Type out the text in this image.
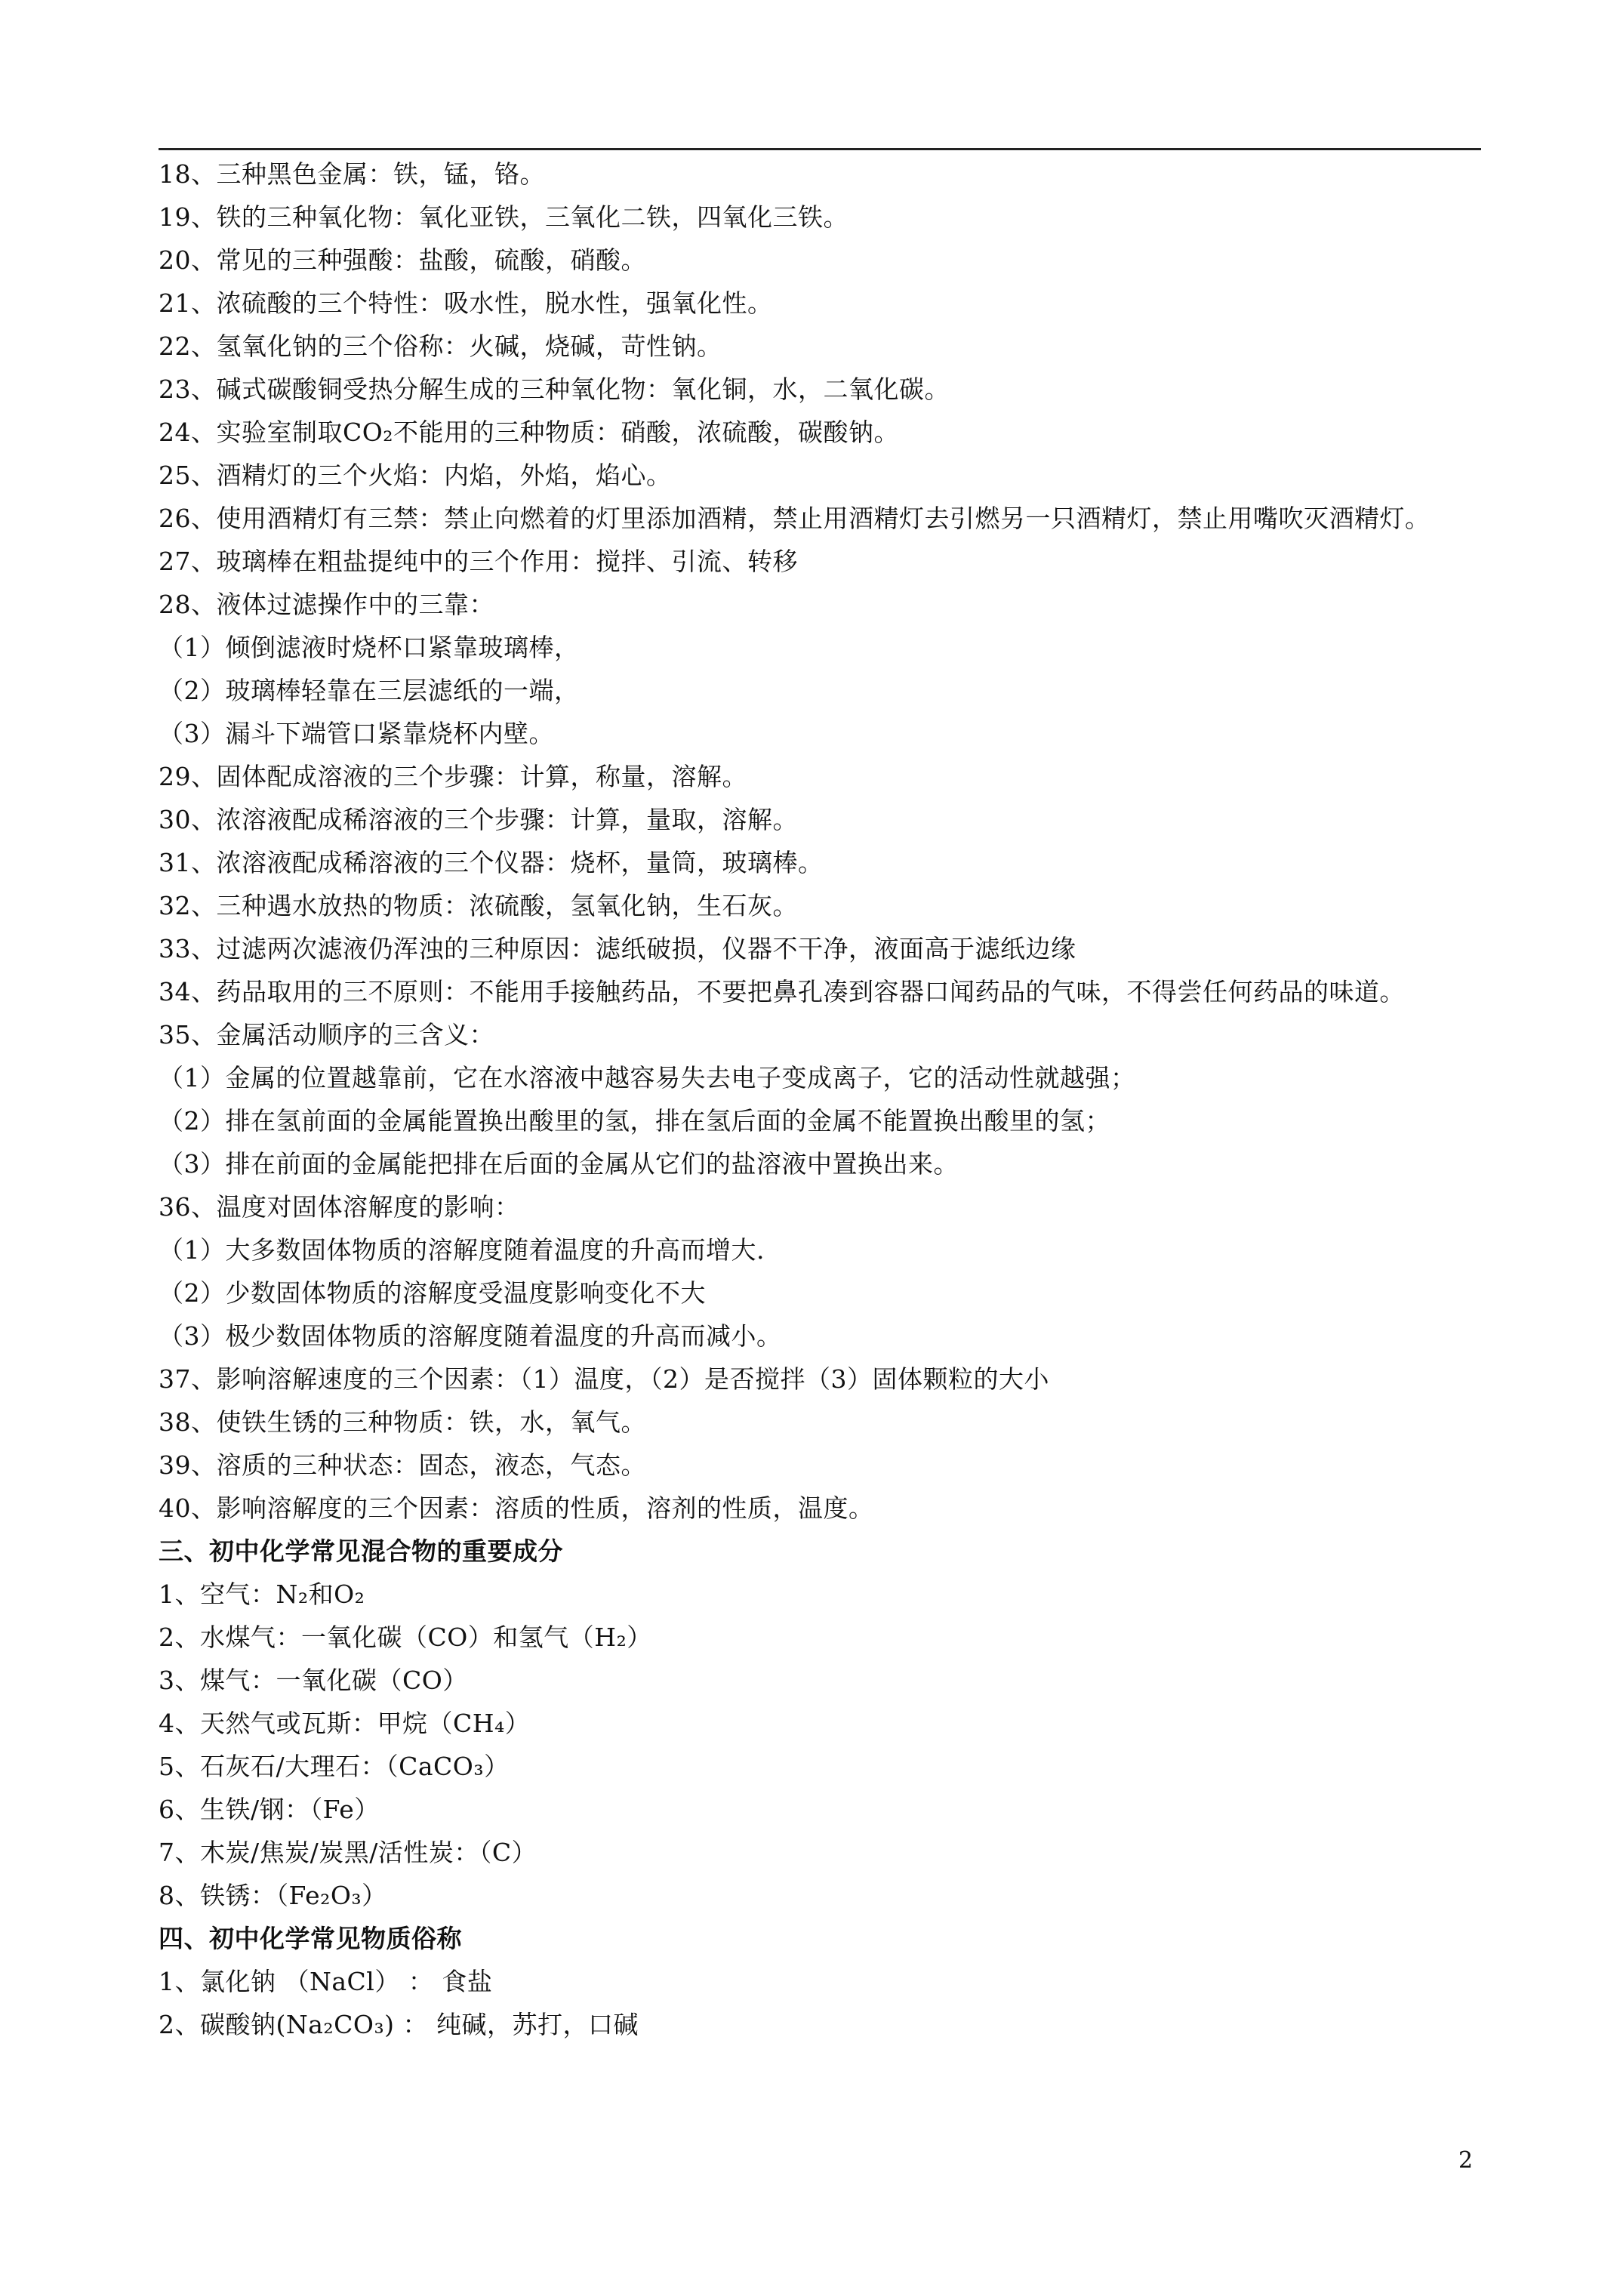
18、三种黑色金属：铁，锰，铬。
19、铁的三种氧化物：氧化亚铁，三氧化二铁，四氧化三铁。
20、常见的三种强酸：盐酸，硫酸，硝酸。
21、浓硫酸的三个特性：吸水性，脱水性，强氧化性。
22、氢氧化钠的三个俗称：火碱，烧碱，苛性钠。
23、碱式碳酸铜受热分解生成的三种氧化物：氧化铜，水，二氧化碳。
24、实验室制取CO₂不能用的三种物质：硝酸，浓硫酸，碳酸钠。
25、酒精灯的三个火焰：内焰，外焰，焰心。
26、使用酒精灯有三禁：禁止向燃着的灯里添加酒精，禁止用酒精灯去引燃另一只酒精灯，禁止用嘴吹灭酒精灯。
27、玻璃棒在粗盐提纯中的三个作用：搅拌、引流、转移
28、液体过滤操作中的三靠：
（1）倾倒滤液时烧杯口紧靠玻璃棒，
（2）玻璃棒轻靠在三层滤纸的一端，
（3）漏斗下端管口紧靠烧杯内壁。
29、固体配成溶液的三个步骤：计算，称量，溶解。
30、浓溶液配成稀溶液的三个步骤：计算，量取，溶解。
31、浓溶液配成稀溶液的三个仪器：烧杯，量筒，玻璃棒。
32、三种遇水放热的物质：浓硫酸，氢氧化钠，生石灰。
33、过滤两次滤液仍浑浊的三种原因：滤纸破损，仪器不干净，液面高于滤纸边缘
34、药品取用的三不原则：不能用手接触药品，不要把鼻孔凑到容器口闻药品的气味，不得尝任何药品的味道。
35、金属活动顺序的三含义：
（1）金属的位置越靠前，它在水溶液中越容易失去电子变成离子，它的活动性就越强；
（2）排在氢前面的金属能置换出酸里的氢，排在氢后面的金属不能置换出酸里的氢；
（3）排在前面的金属能把排在后面的金属从它们的盐溶液中置换出来。
36、温度对固体溶解度的影响：
（1）大多数固体物质的溶解度随着温度的升高而增大.
（2）少数固体物质的溶解度受温度影响变化不大
（3）极少数固体物质的溶解度随着温度的升高而减小。
37、影响溶解速度的三个因素：（1）温度，（2）是否搅拌（3）固体颗粒的大小
38、使铁生锈的三种物质：铁，水，氧气。
39、溶质的三种状态：固态，液态，气态。
40、影响溶解度的三个因素：溶质的性质，溶剂的性质，温度。
三、初中化学常见混合物的重要成分
1、空气：N₂和O₂
2、水煤气：一氧化碳（CO）和氢气（H₂）
3、煤气：一氧化碳（CO）
4、天然气或瓦斯：甲烷（CH₄）
5、石灰石/大理石：（CaCO₃）
6、生铁/钢：（Fe）
7、木炭/焦炭/炭黑/活性炭：（C）
8、铁锈：（Fe₂O₃）
四、初中化学常见物质俗称
1、氯化钠 （NaCl） ： 食盐
2、碳酸钠(Na₂CO₃) ： 纯碱，苏打，口碱
2
